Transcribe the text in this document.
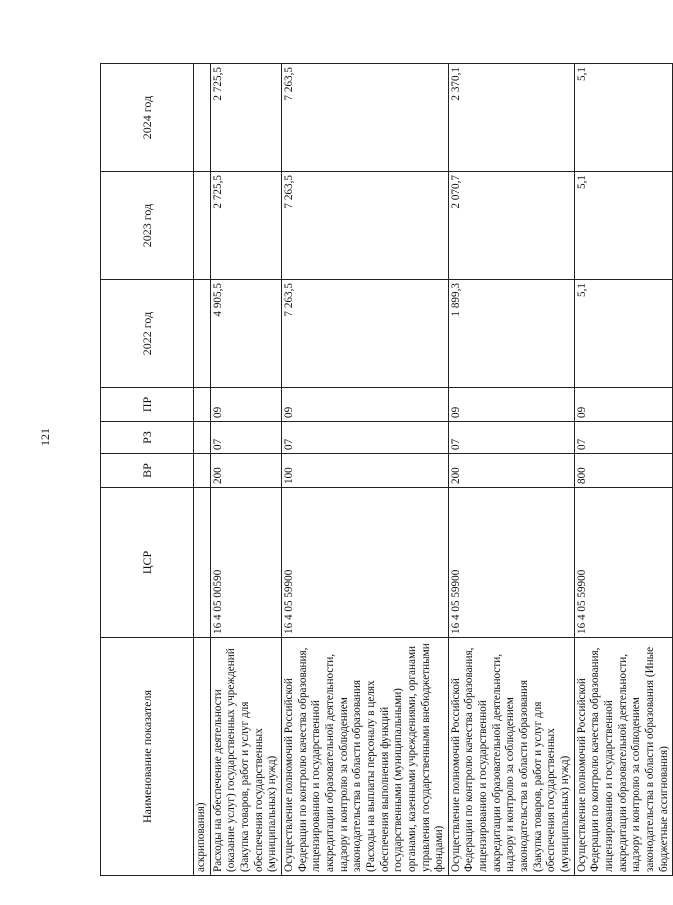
121
Наименование показателя	ЦСР	ВР	РЗ	ПР	2022 год	2023 год	2024 год
аскрипования)							
Расходы на обеспечение деятельности (оказание услуг) государственных учреждений (Закупка товаров, работ и услуг для обеспечения государственных (муниципальных) нужд)	16 4 05 00590	200	07	09	4 905,5	2 725,5	2 725,5
Осуществление полномочий Российской Федерации по контролю качества образования, лицензированию и государственной аккредитации образовательной деятельности, надзору и контролю за соблюдением законодательства в области образования (Расходы на выплаты персоналу в целях обеспечения выполнения функций государственными (муниципальными) органами, казенными учреждениями, органами управления государственными внебюджетными фондами)	16 4 05 59900	100	07	09	7 263,5	7 263,5	7 263,5
Осуществление полномочий Российской Федерации по контролю качества образования, лицензированию и государственной аккредитации образовательной деятельности, надзору и контролю за соблюдением законодательства в области образования (Закупка товаров, работ и услуг для обеспечения государственных (муниципальных) нужд)	16 4 05 59900	200	07	09	1 899,3	2 070,7	2 370,1
Осуществление полномочий Российской Федерации по контролю качества образования, лицензированию и государственной аккредитации образовательной деятельности, надзору и контролю за соблюдением законодательства в области образования (Иные бюджетные ассигнования)	16 4 05 59900	800	07	09	5,1	5,1	5,1
